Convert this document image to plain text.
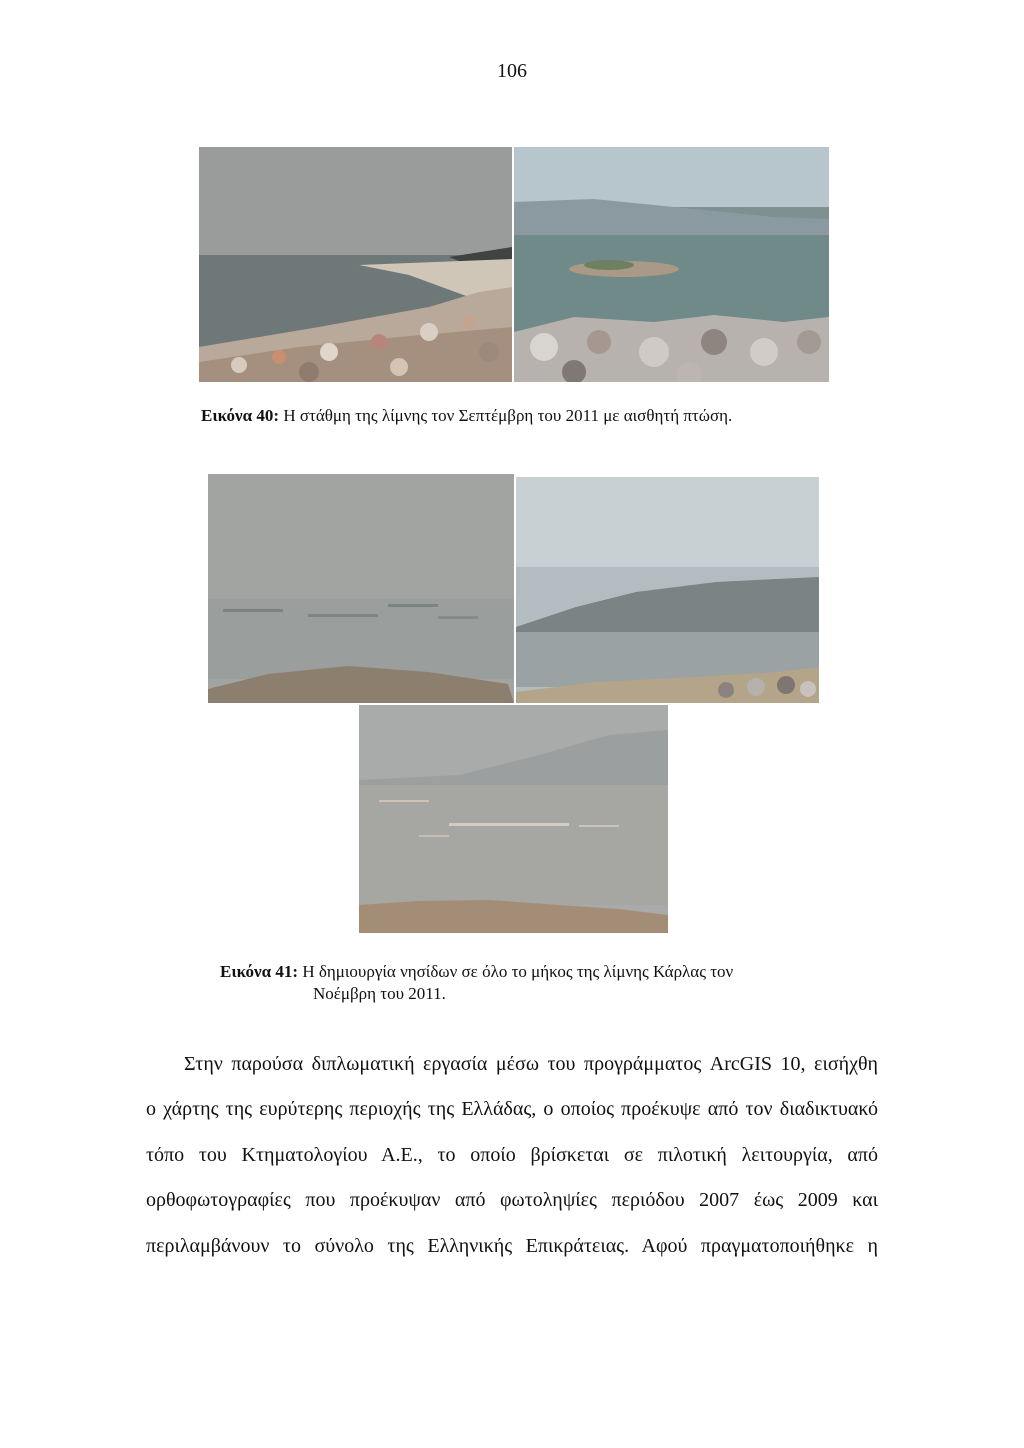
106
Εικόνα 40: Η στάθμη της λίμνης τον Σεπτέμβρη του 2011 με αισθητή πτώση.
Εικόνα 41: Η δημιουργία νησίδων σε όλο το μήκος της λίμνης Κάρλας τον
Νοέμβρη του 2011.
Στην παρούσα διπλωματική εργασία μέσω του προγράμματος ArcGIS 10, εισήχθη
ο χάρτης της ευρύτερης περιοχής της Ελλάδας, ο οποίος προέκυψε από τον διαδικτυακό
τόπο του Κτηματολογίου Α.Ε., το οποίο βρίσκεται σε πιλοτική λειτουργία, από
ορθοφωτογραφίες που προέκυψαν από φωτοληψίες περιόδου 2007 έως 2009 και
περιλαμβάνουν το σύνολο της Ελληνικής Επικράτειας. Αφού πραγματοποιήθηκε η
